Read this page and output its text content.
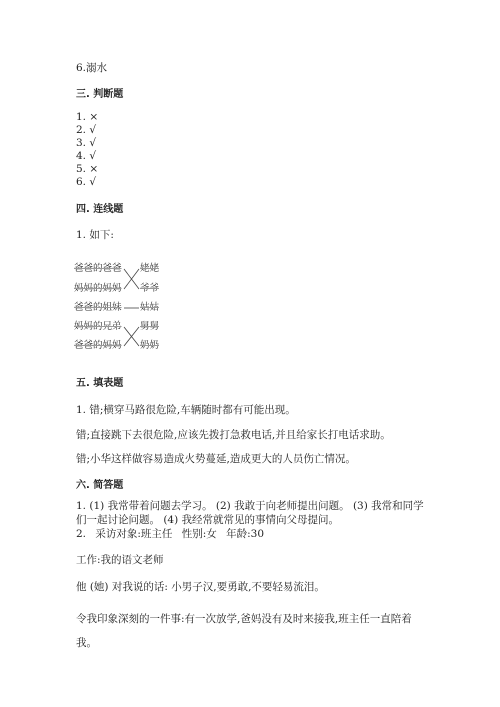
6.溺水
三. 判断题
1. ×
2. √
3. √
4. √
5. ×
6. √
四. 连线题
1. 如下:
爸爸的爸爸
妈妈的妈妈
爸爸的姐妹
妈妈的兄弟
爸爸的妈妈
姥姥
爷爷
姑姑
舅舅
奶奶
五. 填表题
1. 错;横穿马路很危险,车辆随时都有可能出现。
错;直接跳下去很危险,应该先拨打急救电话,并且给家长打电话求助。
错;小华这样做容易造成火势蔓延,造成更大的人员伤亡情况。
六. 简答题
1. (1) 我常带着问题去学习。 (2) 我敢于向老师提出问题。 (3) 我常和同学
们一起讨论问题。 (4) 我经常就常见的事情向父母提问。
2. 采访对象:班主任 性别:女 年龄:30
工作:我的语文老师
他 (她) 对我说的话: 小男子汉,要勇敢,不要轻易流泪。
令我印象深刻的一件事:有一次放学,爸妈没有及时来接我,班主任一直陪着
我。
